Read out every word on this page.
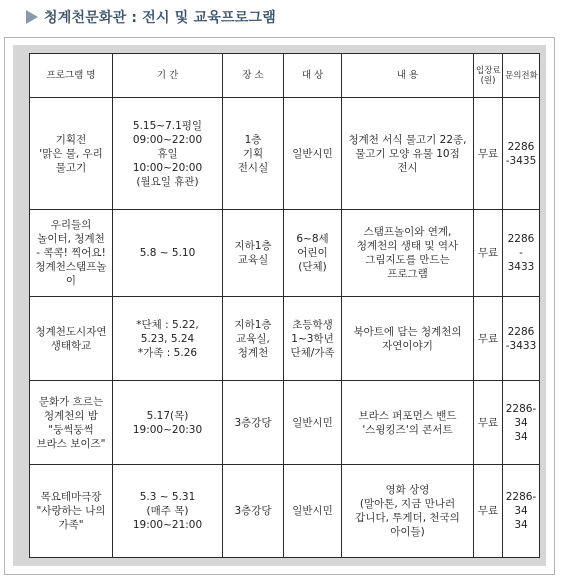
청계천문화관 : 전시 및 교육프로그램
프로그램 명	기 간	장 소	대 상	내 용	입장료 (원)	문의전화

기획전
'맑은 물, 우리
물고기	5.15~7.1평일
09:00~22:00
휴일
10:00~20:00
(월요일 휴관)	1층
기획
전시실	일반시민	청계천 서식 물고기 22종,
물고기 모양 유물 10점
전시	무료	2286
-3435

우리들의
놀이터, 청계천
- 콕콕! 찍어요!
청계천스탬프놀
이	5.8 ~ 5.10	지하1층
교육실	6~8세
어린이
(단체)	스탬프놀이와 연계,
청계천의 생태 및 역사
그림지도를 만드는
프로그램	무료	2286
- 3433

청계천도시자연
생태학교	*단체 : 5.22,
5.23, 5.24
*가족 : 5.26	지하1층
교육실,
청계천	초등학생
1~3학년
단체/가족	북아트에 담는 청계천의
자연이야기	무료	2286
-3433

문화가 흐르는
청계천의 밤
"둥썩둥썩
브라스 보이즈"	5.17(목)
19:00~20:30	3층강당	일반시민	브라스 퍼포먼스 밴드
'스윙킹즈'의 콘서트	무료	2286-34
34

목요테마극장
"사랑하는 나의
가족"	5.3 ~ 5.31
(매주 목)
19:00~21:00	3층강당	일반시민	영화 상영
(말아톤, 지금 만나러
갑니다, 투게더, 천국의
아이들)	무료	2286-34
34
